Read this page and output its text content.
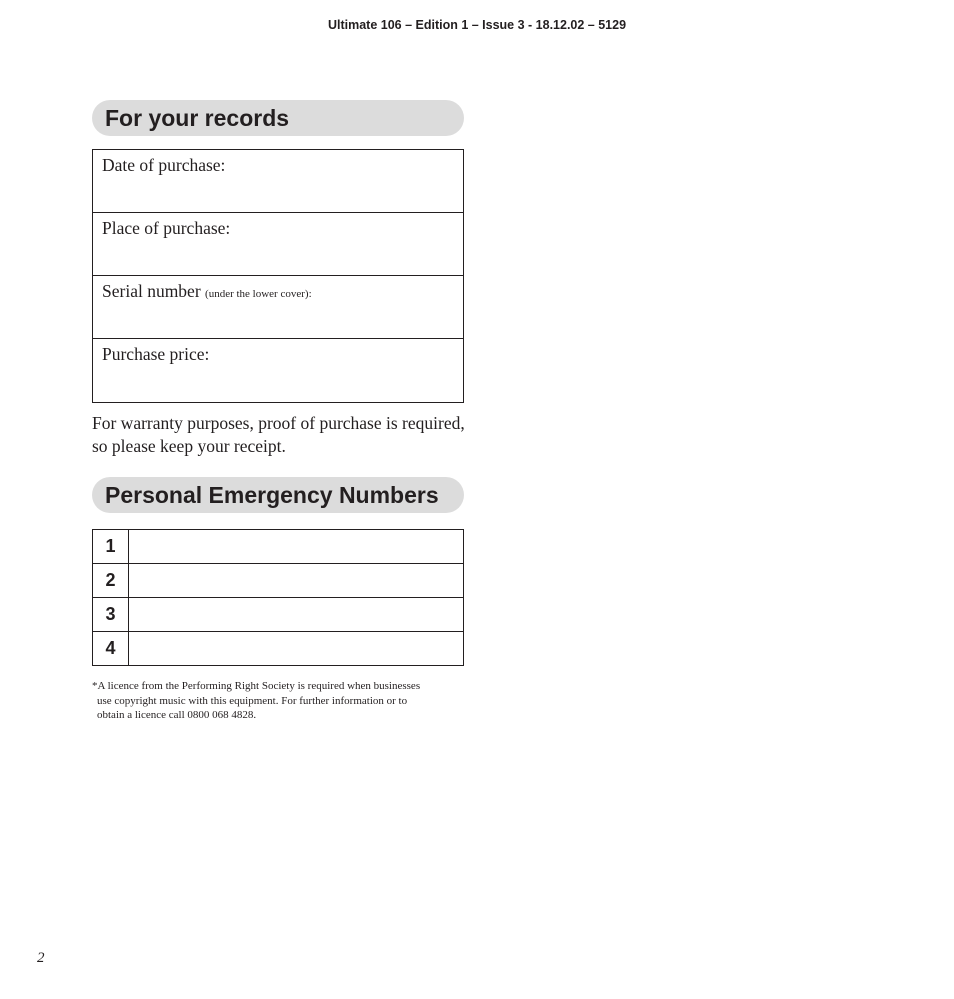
Ultimate 106 – Edition 1 – Issue 3 - 18.12.02 – 5129
For your records
Date of purchase:
Place of purchase:
Serial number (under the lower cover):
Purchase price:
For warranty purposes, proof of purchase is required, so please keep your receipt.
Personal Emergency Numbers
1
2
3
4

*A licence from the Performing Right Society is required when businesses

use copyright music with this equipment. For further information or to

obtain a licence call 0800 068 4828.

2
